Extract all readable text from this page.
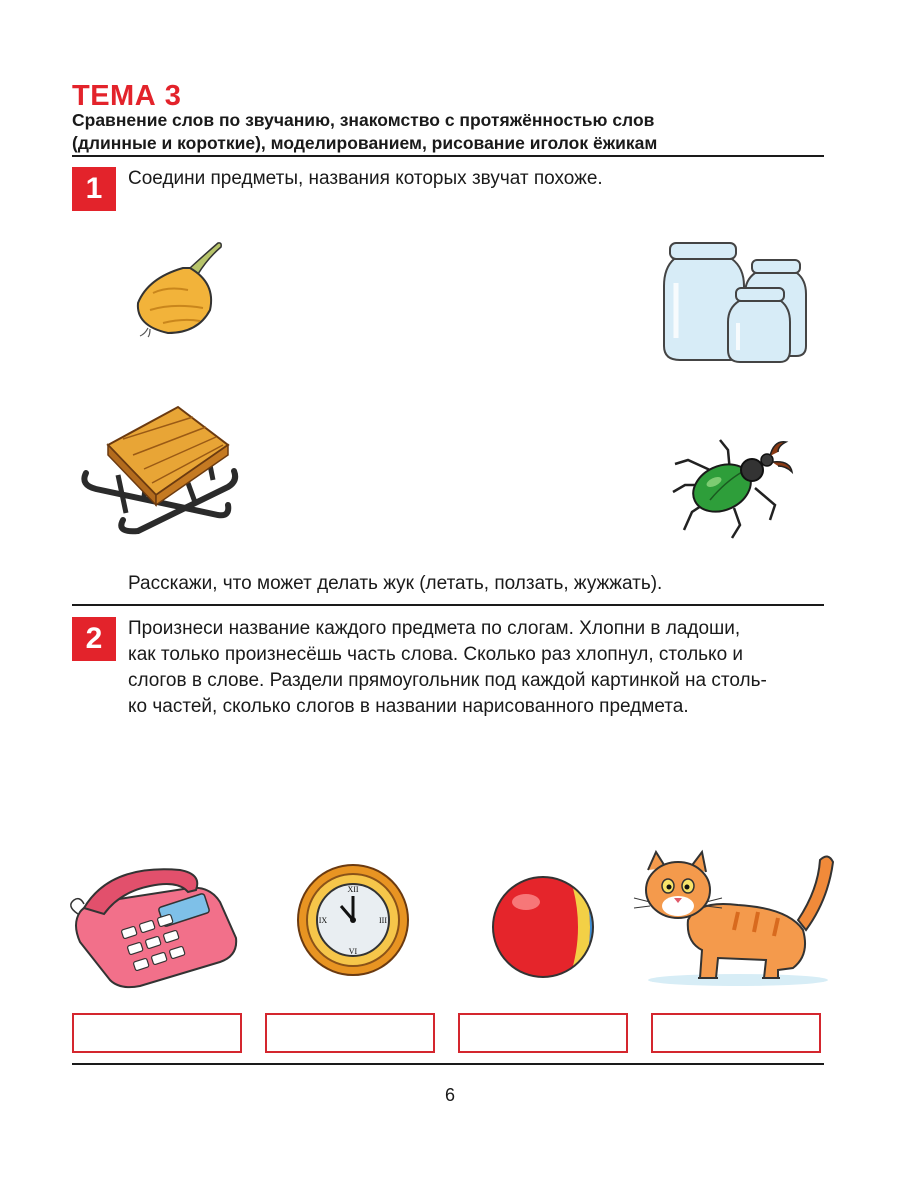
ТЕМА 3
Сравнение слов по звучанию, знакомство с протяжённостью слов
(длинные и короткие), моделированием, рисование иголок ёжикам
1	Соедини предметы, названия которых звучат похоже.
Расскажи, что может делать жук (летать, ползать, жужжать).
2	Произнеси название каждого предмета по слогам. Хлопни в ладоши,
как только произнесёшь часть слова. Сколько раз хлопнул, столько и
слогов в слове. Раздели прямоугольник под каждой картинкой на столь-
ко частей, сколько слогов в названии нарисованного предмета.
XII
III
VI
IX
6
